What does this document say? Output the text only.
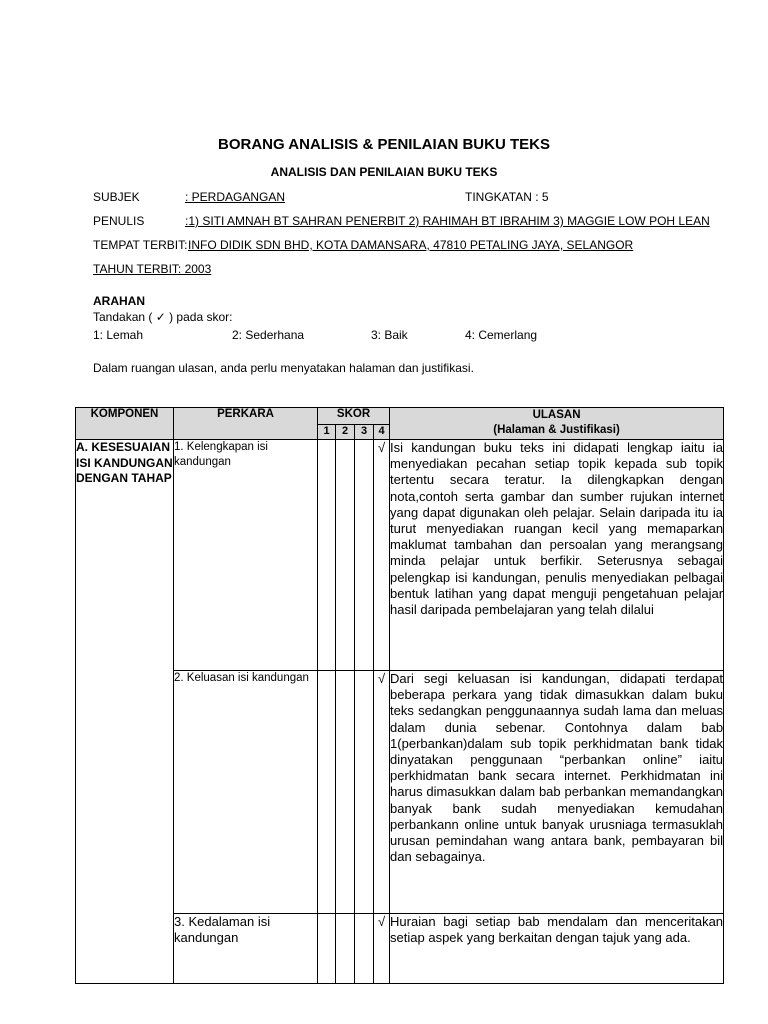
BORANG ANALISIS & PENILAIAN BUKU TEKS
ANALISIS DAN PENILAIAN BUKU TEKS
SUBJEK	: PERDAGANGAN	TINGKATAN : 5
PENULIS	:1) SITI AMNAH BT SAHRAN PENERBIT 2) RAHIMAH BT IBRAHIM 3) MAGGIE LOW POH LEAN
TEMPAT TERBIT: INFO DIDIK SDN BHD, KOTA DAMANSARA, 47810 PETALING JAYA, SELANGOR
TAHUN TERBIT: 2003
ARAHAN
Tandakan ( ✓ ) pada skor:
1: Lemah	2: Sederhana	3: Baik	4: Cemerlang
Dalam ruangan ulasan, anda perlu menyatakan halaman dan justifikasi.
KOMPONEN	PERKARA	SKOR				ULASAN
(Halaman & Justifikasi)

		1	2	3	4	
A. KESESUAIAN ISI KANDUNGAN DENGAN TAHAP	1. Kelengkapan isi kandungan				√	Isi kandungan buku teks ini didapati lengkap iaitu ia menyediakan pecahan setiap topik kepada sub topik tertentu secara teratur. Ia dilengkapkan dengan nota,contoh serta gambar dan sumber rujukan internet yang dapat digunakan oleh pelajar. Selain daripada itu ia turut menyediakan ruangan kecil yang memaparkan maklumat tambahan dan persoalan yang merangsang minda pelajar untuk berfikir. Seterusnya sebagai pelengkap isi kandungan, penulis menyediakan pelbagai bentuk latihan yang dapat menguji pengetahuan pelajar hasil daripada pembelajaran yang telah dilalui
	2. Keluasan isi kandungan				√	Dari segi keluasan isi kandungan, didapati terdapat beberapa perkara yang tidak dimasukkan dalam buku teks sedangkan penggunaannya sudah lama dan meluas dalam dunia sebenar. Contohnya dalam bab 1(perbankan)dalam sub topik perkhidmatan bank tidak dinyatakan penggunaan “perbankan online” iaitu perkhidmatan bank secara internet. Perkhidmatan ini harus dimasukkan dalam bab perbankan memandangkan banyak bank sudah menyediakan kemudahan perbankann online untuk banyak urusniaga termasuklah urusan pemindahan wang antara bank, pembayaran bil dan sebagainya.
	3. Kedalaman isi kandungan				√	Huraian bagi setiap bab mendalam dan menceritakan setiap aspek yang berkaitan dengan tajuk yang ada.
